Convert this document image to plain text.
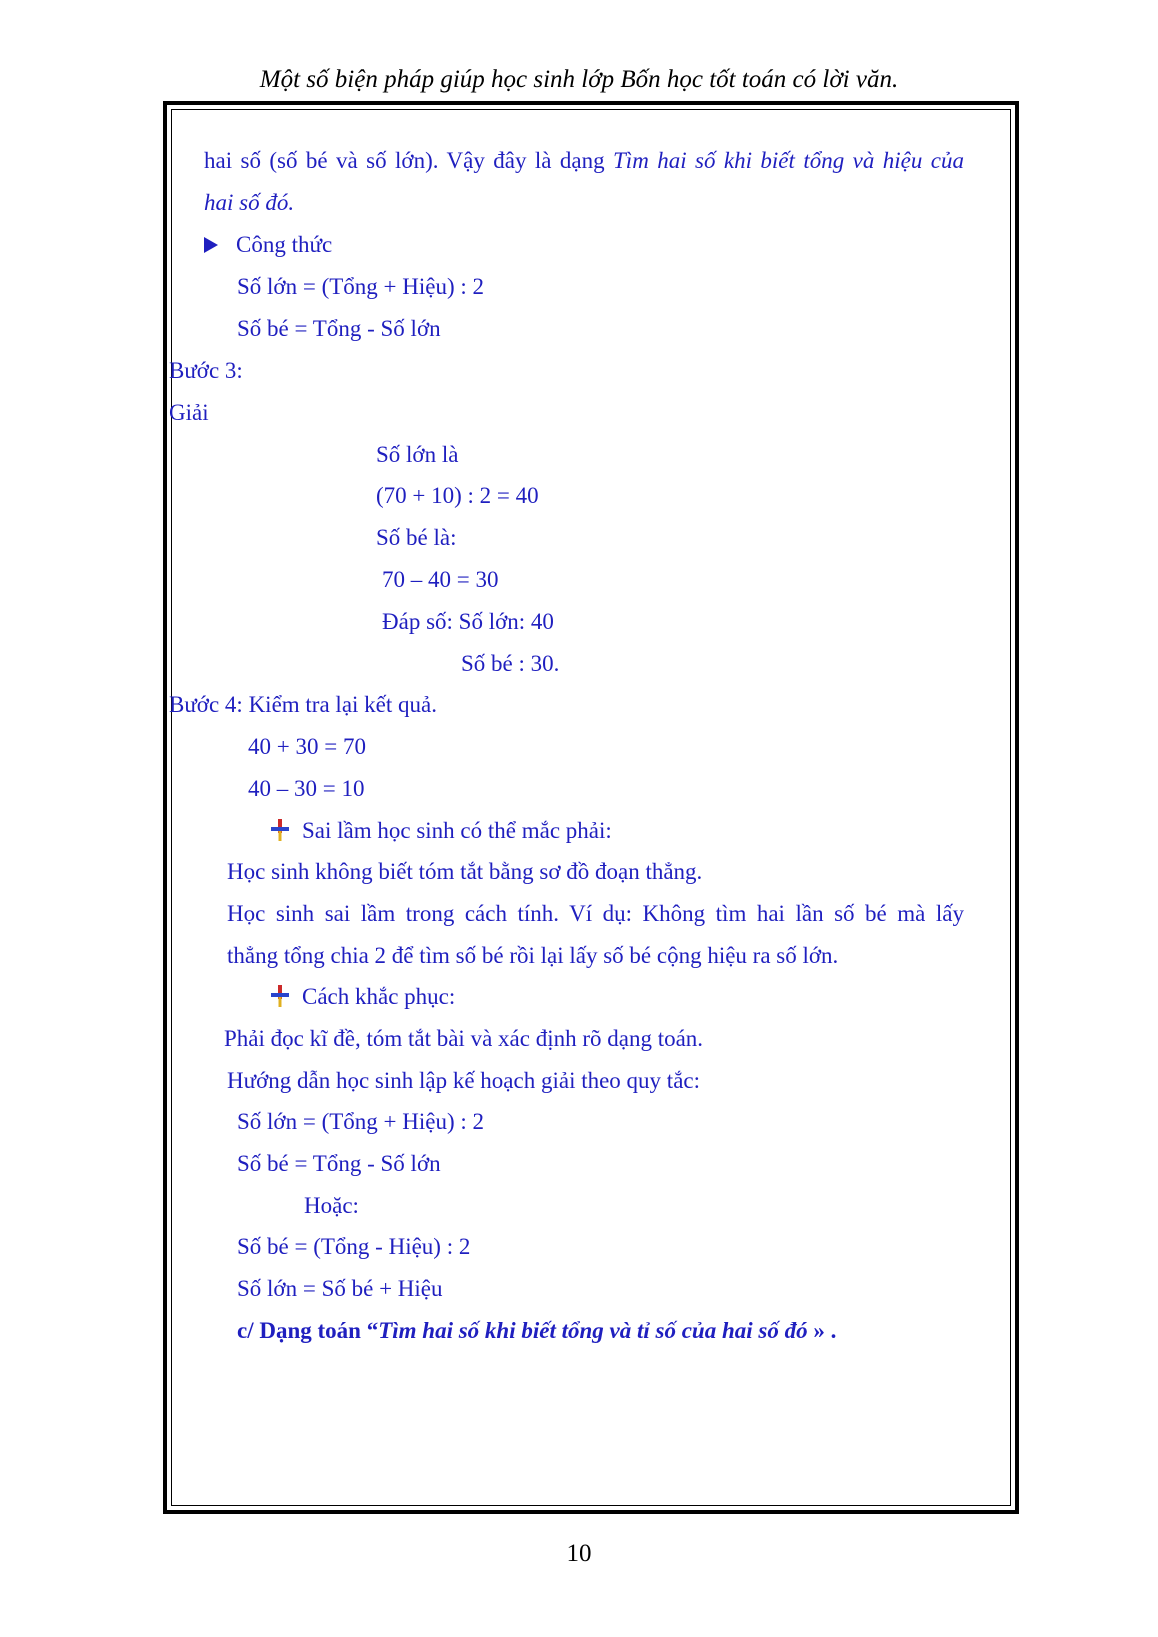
Một số biện pháp giúp học sinh lớp Bốn học tốt toán có lời văn.
hai số (số bé và số lớn). Vậy đây là dạng Tìm hai số khi biết tổng và hiệu của
hai số đó.
Công thức
Số lớn = (Tổng + Hiệu) : 2
Số bé = Tổng - Số lớn
Bước 3:
Giải
Số lớn là
(70 + 10) : 2 = 40
Số bé là:
70 – 40 = 30
Đáp số: Số lớn: 40
Số bé : 30.
Bước 4: Kiểm tra lại kết quả.
40 + 30 = 70
40 – 30 = 10
Sai lầm học sinh có thể mắc phải:
Học sinh không biết tóm tắt bằng sơ đồ đoạn thẳng.
Học sinh sai lầm trong cách tính. Ví dụ: Không tìm hai lần số bé mà lấy
thẳng tổng chia 2 để tìm số bé rồi lại lấy số bé cộng hiệu ra số lớn.
Cách khắc phục:
Phải đọc kĩ đề, tóm tắt bài và xác định rõ dạng toán.
Hướng dẫn học sinh lập kế hoạch giải theo quy tắc:
Số lớn = (Tổng + Hiệu) : 2
Số bé = Tổng - Số lớn
Hoặc:
Số bé = (Tổng - Hiệu) : 2
Số lớn = Số bé + Hiệu
c/ Dạng toán “Tìm hai số khi biết tổng và tỉ số của hai số đó » .
10
